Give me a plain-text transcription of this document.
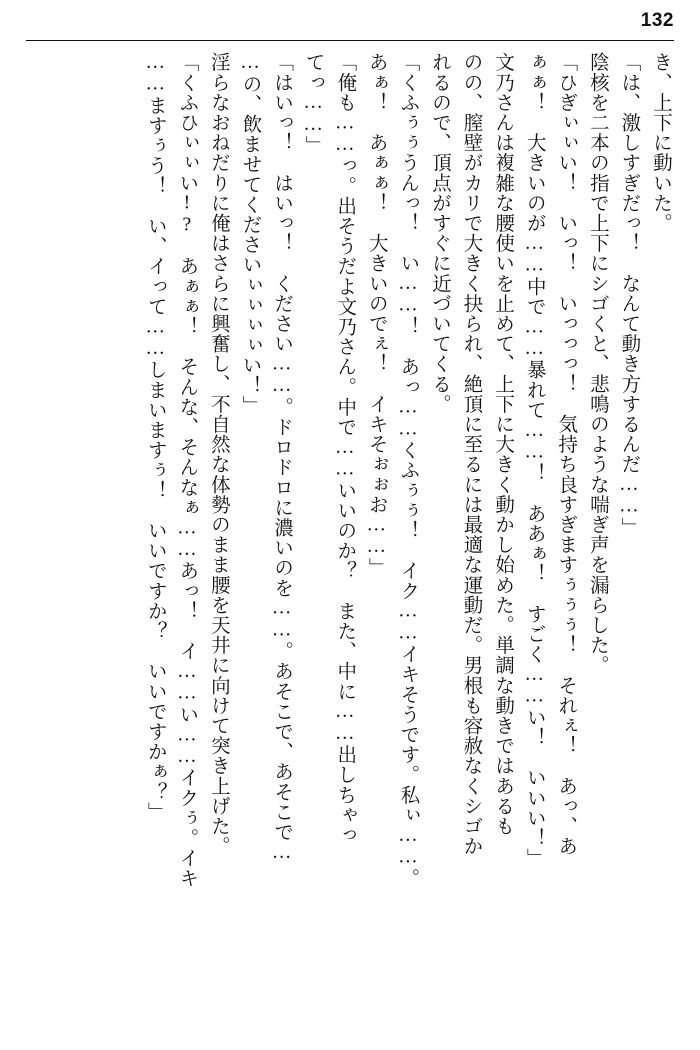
132

き、上下に動いた。

「は、激しすぎだっ！　なんて動き方するんだ……」

陰核を二本の指で上下にシゴくと、悲鳴のような喘ぎ声を漏らした。

「ひぎぃぃい！　いっ！　いっっっ！　気持ち良すぎますぅぅぅ！　それぇ！　あっ、あ

ぁぁ！　大きいのが……中で……暴れて……！　ああぁ！　すごく……い！　いいい！」

文乃さんは複雑な腰使いを止めて、上下に大きく動かし始めた。単調な動きではあるも

のの、膣壁がカリで大きく抉られ、絶頂に至るには最適な運動だ。男根も容赦なくシゴか

れるので、頂点がすぐに近づいてくる。

「くふぅぅうんっ！　い……！　あっ……くふぅぅ！　イク……イキそうです。私ぃ……。

あぁ！　あぁぁ！　大きいのでぇ！　イキそぉぉお……」

「俺も……っ。出そうだよ文乃さん。中で……いいのか？　また、中に……出しちゃっ

てっ……」

「はいっ！　はいっ！　ください……。ドロドロに濃いのを……。あそこで、あそこで…

…の、飲ませてくださいぃぃぃぃい！」

淫らなおねだりに俺はさらに興奮し、不自然な体勢のまま腰を天井に向けて突き上げた。

「くふひぃぃい!?　あぁぁ！　そんな、そんなぁ……あっ！　イ……い……イクぅ。イキ

……ますぅう！　い、イって……しまいますぅ！　いいですか？　いいですかぁ？」
